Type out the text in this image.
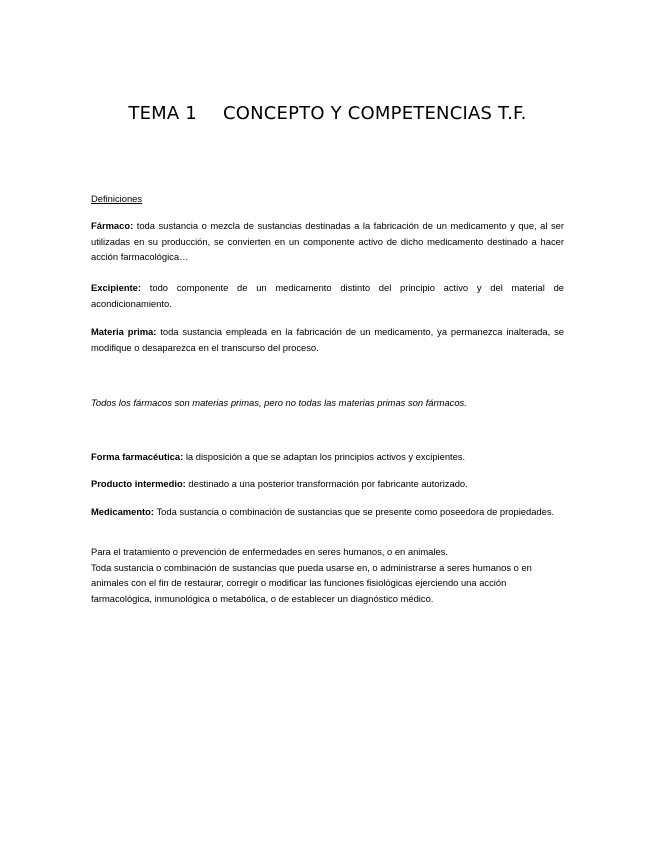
TEMA 1 CONCEPTO Y COMPETENCIAS T.F.

Definiciones

Fármaco: toda sustancia o mezcla de sustancias destinadas a la fabricación de un medicamento y que, al ser utilizadas en su producción, se convierten en un componente activo de dicho medicamento destinado a hacer acción farmacológica…

Excipiente: todo componente de un medicamento distinto del principio activo y del material de acondicionamiento.

Materia prima: toda sustancia empleada en la fabricación de un medicamento, ya permanezca inalterada, se modifique o desaparezca en el transcurso del proceso.

Todos los fármacos son materias primas, pero no todas las materias primas son fármacos.

Forma farmacéutica: la disposición a que se adaptan los principios activos y excipientes.

Producto intermedio: destinado a una posterior transformación por fabricante autorizado.

Medicamento: Toda sustancia o combinación de sustancias que se presente como poseedora de propiedades.

Para el tratamiento o prevención de enfermedades en seres humanos, o en animales.

Toda sustancia o combinación de sustancias que pueda usarse en, o administrarse a seres humanos o en animales con el fin de restaurar, corregir o modificar las funciones fisiológicas ejerciendo una acción farmacológica, inmunológica o metabólica, o de establecer un diagnóstico médico.
